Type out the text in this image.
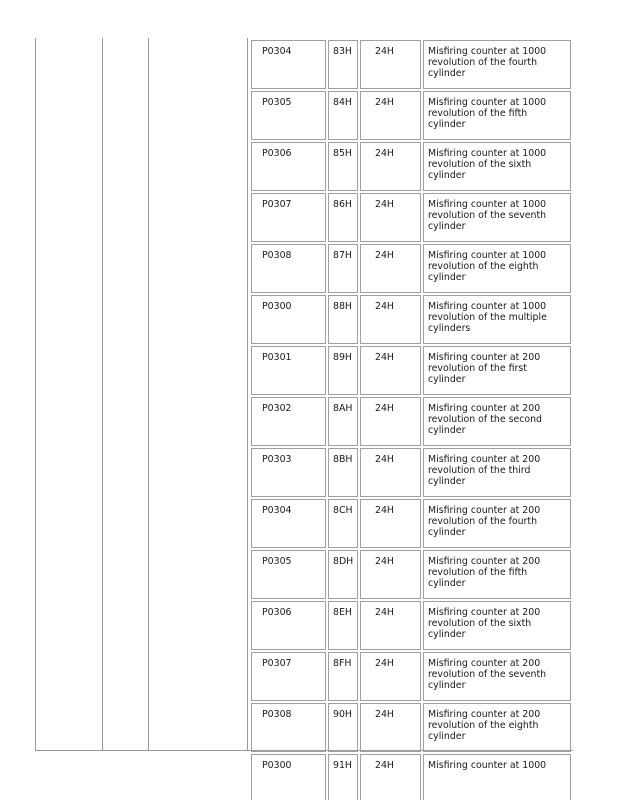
P0304	83H	24H	Misfiring counter at 1000 revolution of the fourth cylinder
P0305	84H	24H	Misfiring counter at 1000 revolution of the fifth cylinder
P0306	85H	24H	Misfiring counter at 1000 revolution of the sixth cylinder
P0307	86H	24H	Misfiring counter at 1000 revolution of the seventh cylinder
P0308	87H	24H	Misfiring counter at 1000 revolution of the eighth cylinder
P0300	88H	24H	Misfiring counter at 1000 revolution of the multiple cylinders
P0301	89H	24H	Misfiring counter at 200 revolution of the first cylinder
P0302	8AH	24H	Misfiring counter at 200 revolution of the second cylinder
P0303	8BH	24H	Misfiring counter at 200 revolution of the third cylinder
P0304	8CH	24H	Misfiring counter at 200 revolution of the fourth cylinder
P0305	8DH	24H	Misfiring counter at 200 revolution of the fifth cylinder
P0306	8EH	24H	Misfiring counter at 200 revolution of the sixth cylinder
P0307	8FH	24H	Misfiring counter at 200 revolution of the seventh cylinder
P0308	90H	24H	Misfiring counter at 200 revolution of the eighth cylinder
P0300	91H	24H	Misfiring counter at 1000
